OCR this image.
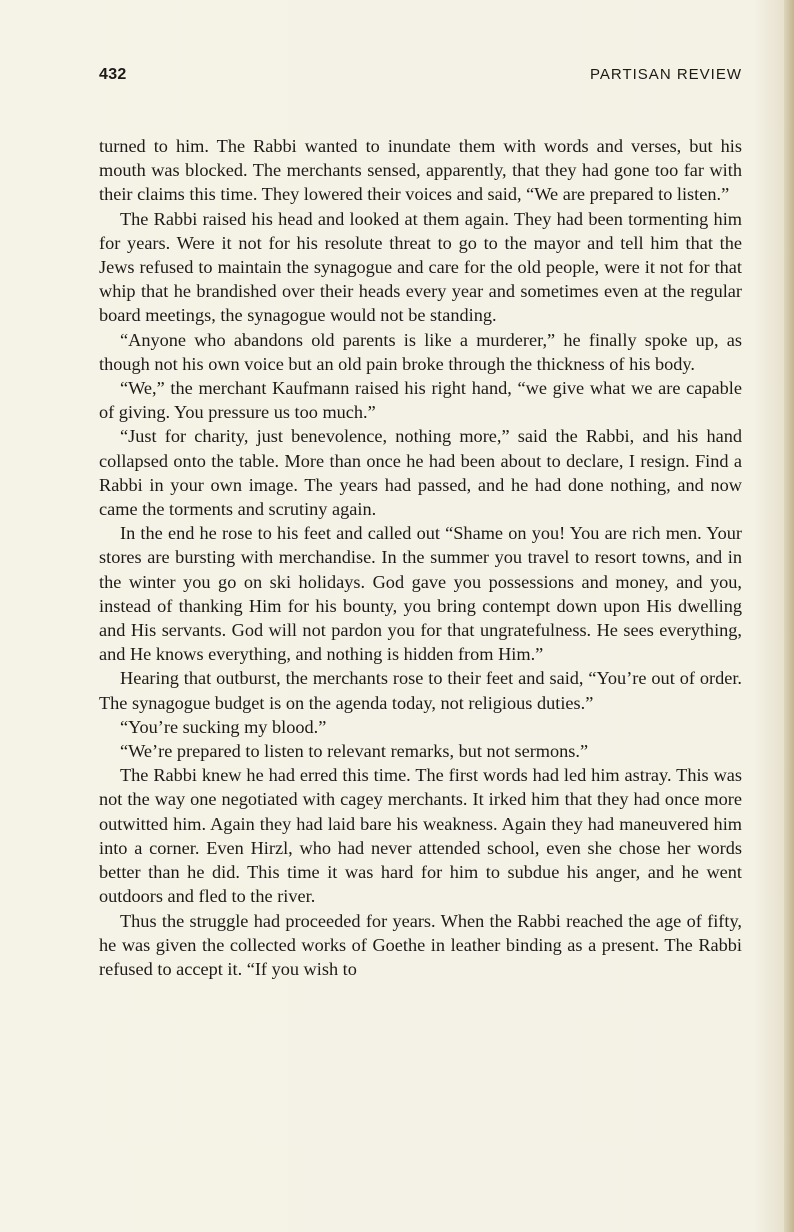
432	PARTISAN REVIEW

turned to him. The Rabbi wanted to inundate them with words and verses, but his mouth was blocked. The merchants sensed, apparently, that they had gone too far with their claims this time. They lowered their voices and said, “We are prepared to listen.”

The Rabbi raised his head and looked at them again. They had been tormenting him for years. Were it not for his resolute threat to go to the mayor and tell him that the Jews refused to maintain the synagogue and care for the old people, were it not for that whip that he brandished over their heads every year and sometimes even at the regular board meetings, the synagogue would not be standing.

“Anyone who abandons old parents is like a murderer,” he finally spoke up, as though not his own voice but an old pain broke through the thickness of his body.

“We,” the merchant Kaufmann raised his right hand, “we give what we are capable of giving. You pressure us too much.”

“Just for charity, just benevolence, nothing more,” said the Rabbi, and his hand collapsed onto the table. More than once he had been about to declare, I resign. Find a Rabbi in your own image. The years had passed, and he had done nothing, and now came the torments and scrutiny again.

In the end he rose to his feet and called out “Shame on you! You are rich men. Your stores are bursting with merchandise. In the summer you travel to resort towns, and in the winter you go on ski holidays. God gave you possessions and money, and you, instead of thanking Him for his bounty, you bring contempt down upon His dwelling and His servants. God will not pardon you for that ungratefulness. He sees everything, and He knows everything, and nothing is hidden from Him.”

Hearing that outburst, the merchants rose to their feet and said, “You’re out of order. The synagogue budget is on the agenda today, not religious duties.”

“You’re sucking my blood.”

“We’re prepared to listen to relevant remarks, but not sermons.”

The Rabbi knew he had erred this time. The first words had led him astray. This was not the way one negotiated with cagey merchants. It irked him that they had once more outwitted him. Again they had laid bare his weakness. Again they had maneuvered him into a corner. Even Hirzl, who had never attended school, even she chose her words better than he did. This time it was hard for him to subdue his anger, and he went outdoors and fled to the river.

Thus the struggle had proceeded for years. When the Rabbi reached the age of fifty, he was given the collected works of Goethe in leather binding as a present. The Rabbi refused to accept it. “If you wish to
